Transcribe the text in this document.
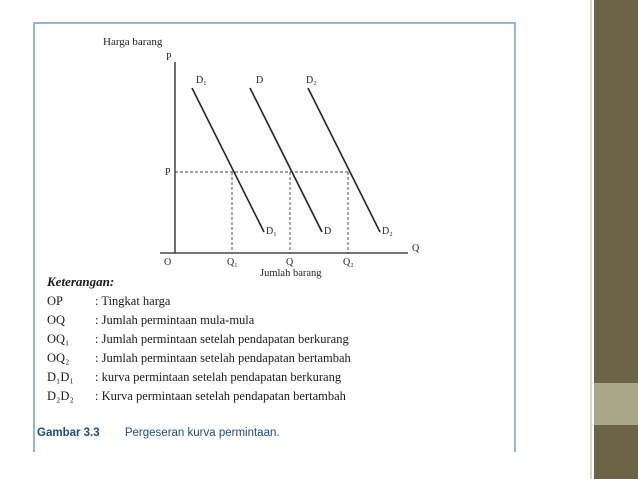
Harga barang
P
Q
Jumlah barang
O
P
D₁	D	D₂
D₁	D	D₂
Q₁	Q	Q₂
Keterangan:
OP	: Tingkat harga
OQ	: Jumlah permintaan mula-mula
OQ₁	: Jumlah permintaan setelah pendapatan berkurang
OQ₂	: Jumlah permintaan setelah pendapatan bertambah
D₁D₁	: kurva permintaan setelah pendapatan berkurang
D₂D₂	: Kurva permintaan setelah pendapatan bertambah
Gambar 3.3 Pergeseran kurva permintaan.
